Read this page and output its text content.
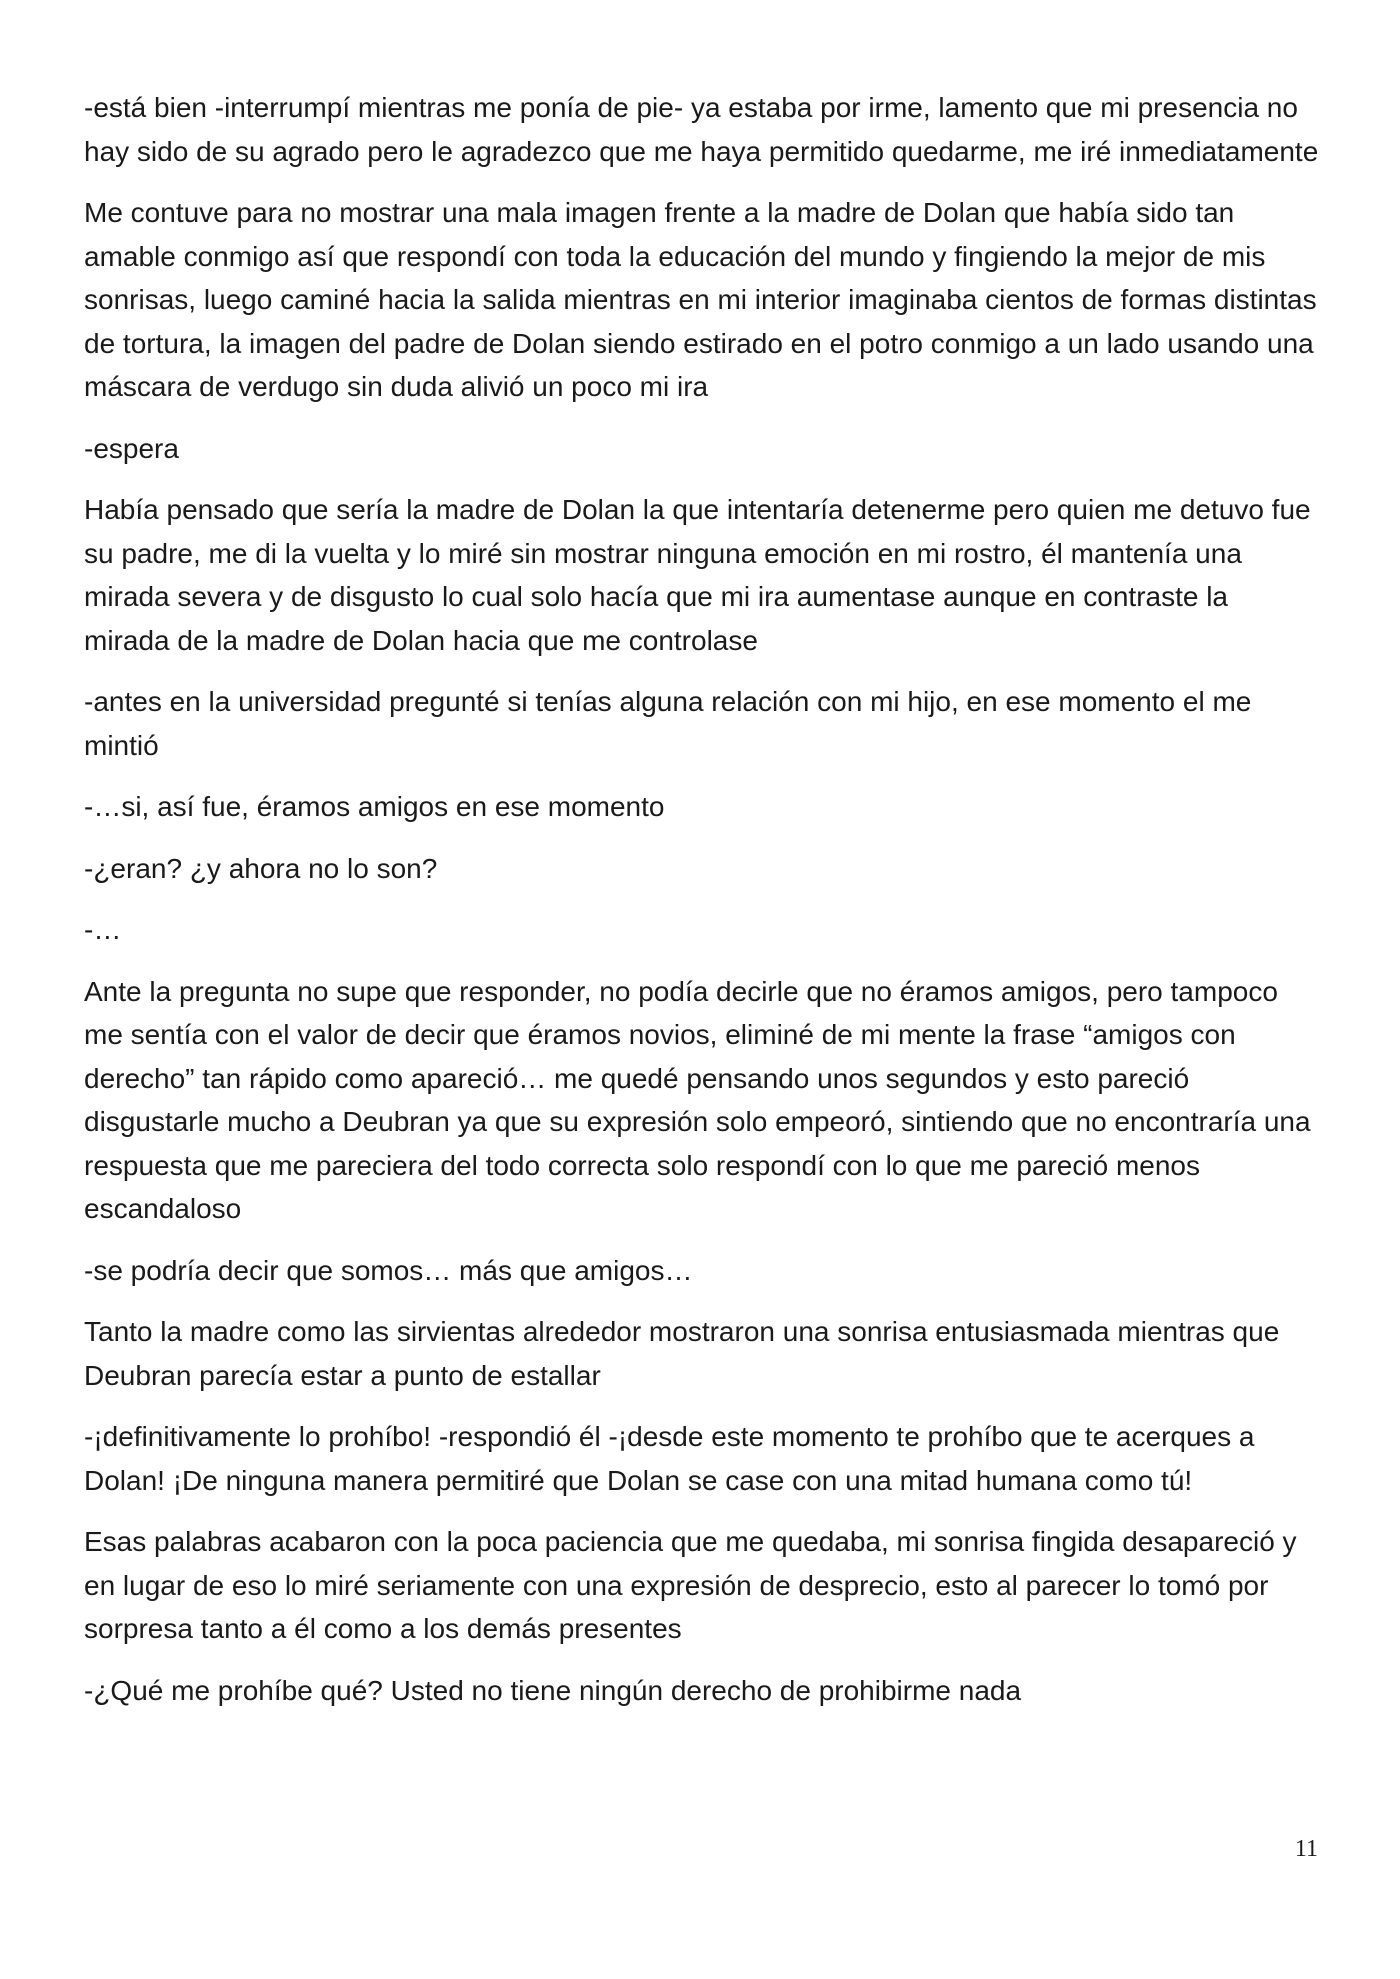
-está bien -interrumpí mientras me ponía de pie- ya estaba por irme, lamento que mi presencia no hay sido de su agrado pero le agradezco que me haya permitido quedarme, me iré inmediatamente

Me contuve para no mostrar una mala imagen frente a la madre de Dolan que había sido tan amable conmigo así que respondí con toda la educación del mundo y fingiendo la mejor de mis sonrisas, luego caminé hacia la salida mientras en mi interior imaginaba cientos de formas distintas de tortura, la imagen del padre de Dolan siendo estirado en el potro conmigo a un lado usando una máscara de verdugo sin duda alivió un poco mi ira

-espera

Había pensado que sería la madre de Dolan la que intentaría detenerme pero quien me detuvo fue su padre, me di la vuelta y lo miré sin mostrar ninguna emoción en mi rostro, él mantenía una mirada severa y de disgusto lo cual solo hacía que mi ira aumentase aunque en contraste la mirada de la madre de Dolan hacia que me controlase

-antes en la universidad pregunté si tenías alguna relación con mi hijo, en ese momento el me mintió

-…si, así fue, éramos amigos en ese momento

-¿eran? ¿y ahora no lo son?

-…

Ante la pregunta no supe que responder, no podía decirle que no éramos amigos, pero tampoco me sentía con el valor de decir que éramos novios, eliminé de mi mente la frase “amigos con derecho” tan rápido como apareció… me quedé pensando unos segundos y esto pareció disgustarle mucho a Deubran ya que su expresión solo empeoró, sintiendo que no encontraría una respuesta que me pareciera del todo correcta solo respondí con lo que me pareció menos escandaloso

-se podría decir que somos… más que amigos…

Tanto la madre como las sirvientas alrededor mostraron una sonrisa entusiasmada mientras que Deubran parecía estar a punto de estallar

-¡definitivamente lo prohíbo! -respondió él -¡desde este momento te prohíbo que te acerques a Dolan! ¡De ninguna manera permitiré que Dolan se case con una mitad humana como tú!

Esas palabras acabaron con la poca paciencia que me quedaba, mi sonrisa fingida desapareció y en lugar de eso lo miré seriamente con una expresión de desprecio, esto al parecer lo tomó por sorpresa tanto a él como a los demás presentes

-¿Qué me prohíbe qué? Usted no tiene ningún derecho de prohibirme nada

11
